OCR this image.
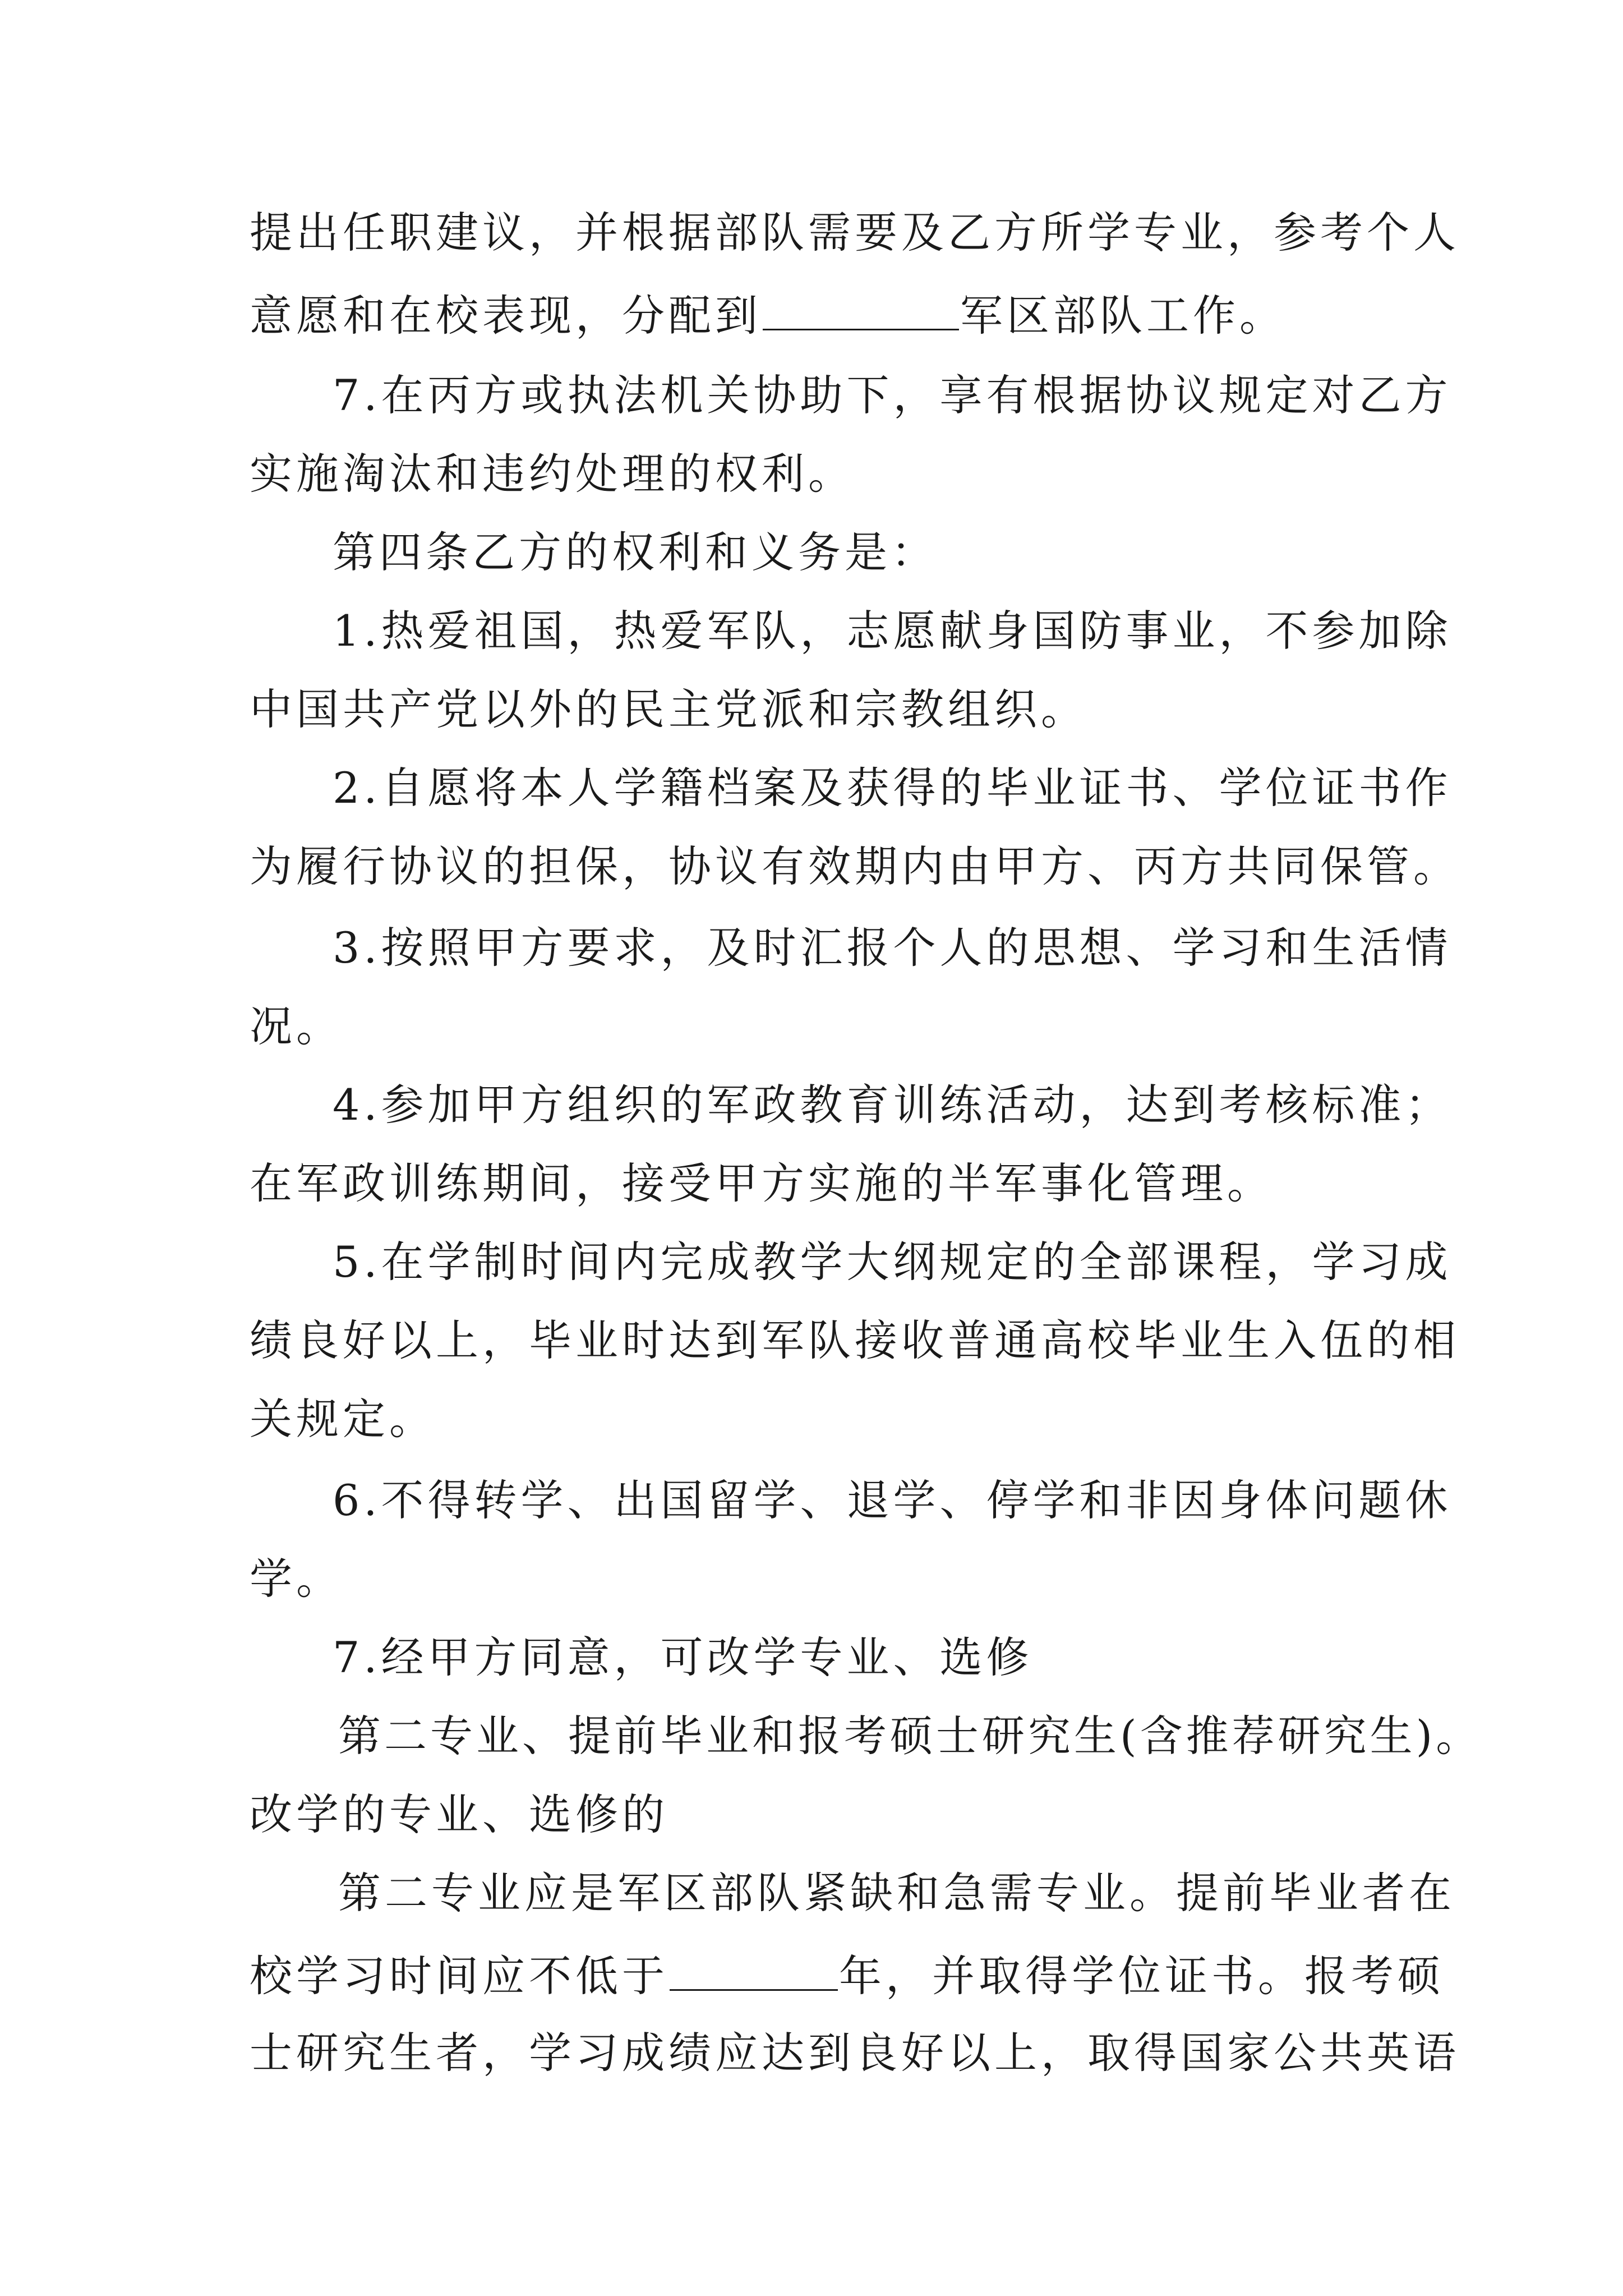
提出任职建议，并根据部队需要及乙方所学专业，参考个人
意愿和在校表现，分配到	军区部队工作。
7.在丙方或执法机关协助下，享有根据协议规定对乙方
实施淘汰和违约处理的权利。
第四条乙方的权利和义务是：
1.热爱祖国，热爱军队，志愿献身国防事业，不参加除
中国共产党以外的民主党派和宗教组织。
2.自愿将本人学籍档案及获得的毕业证书、学位证书作
为履行协议的担保，协议有效期内由甲方、丙方共同保管。
3.按照甲方要求，及时汇报个人的思想、学习和生活情
况。
4.参加甲方组织的军政教育训练活动，达到考核标准；
在军政训练期间，接受甲方实施的半军事化管理。
5.在学制时间内完成教学大纲规定的全部课程，学习成
绩良好以上，毕业时达到军队接收普通高校毕业生入伍的相
关规定。
6.不得转学、出国留学、退学、停学和非因身体问题休
学。
7.经甲方同意，可改学专业、选修
第二专业、提前毕业和报考硕士研究生(含推荐研究生)。
改学的专业、选修的
第二专业应是军区部队紧缺和急需专业。提前毕业者在
校学习时间应不低于	年，并取得学位证书。报考硕
士研究生者，学习成绩应达到良好以上，取得国家公共英语
